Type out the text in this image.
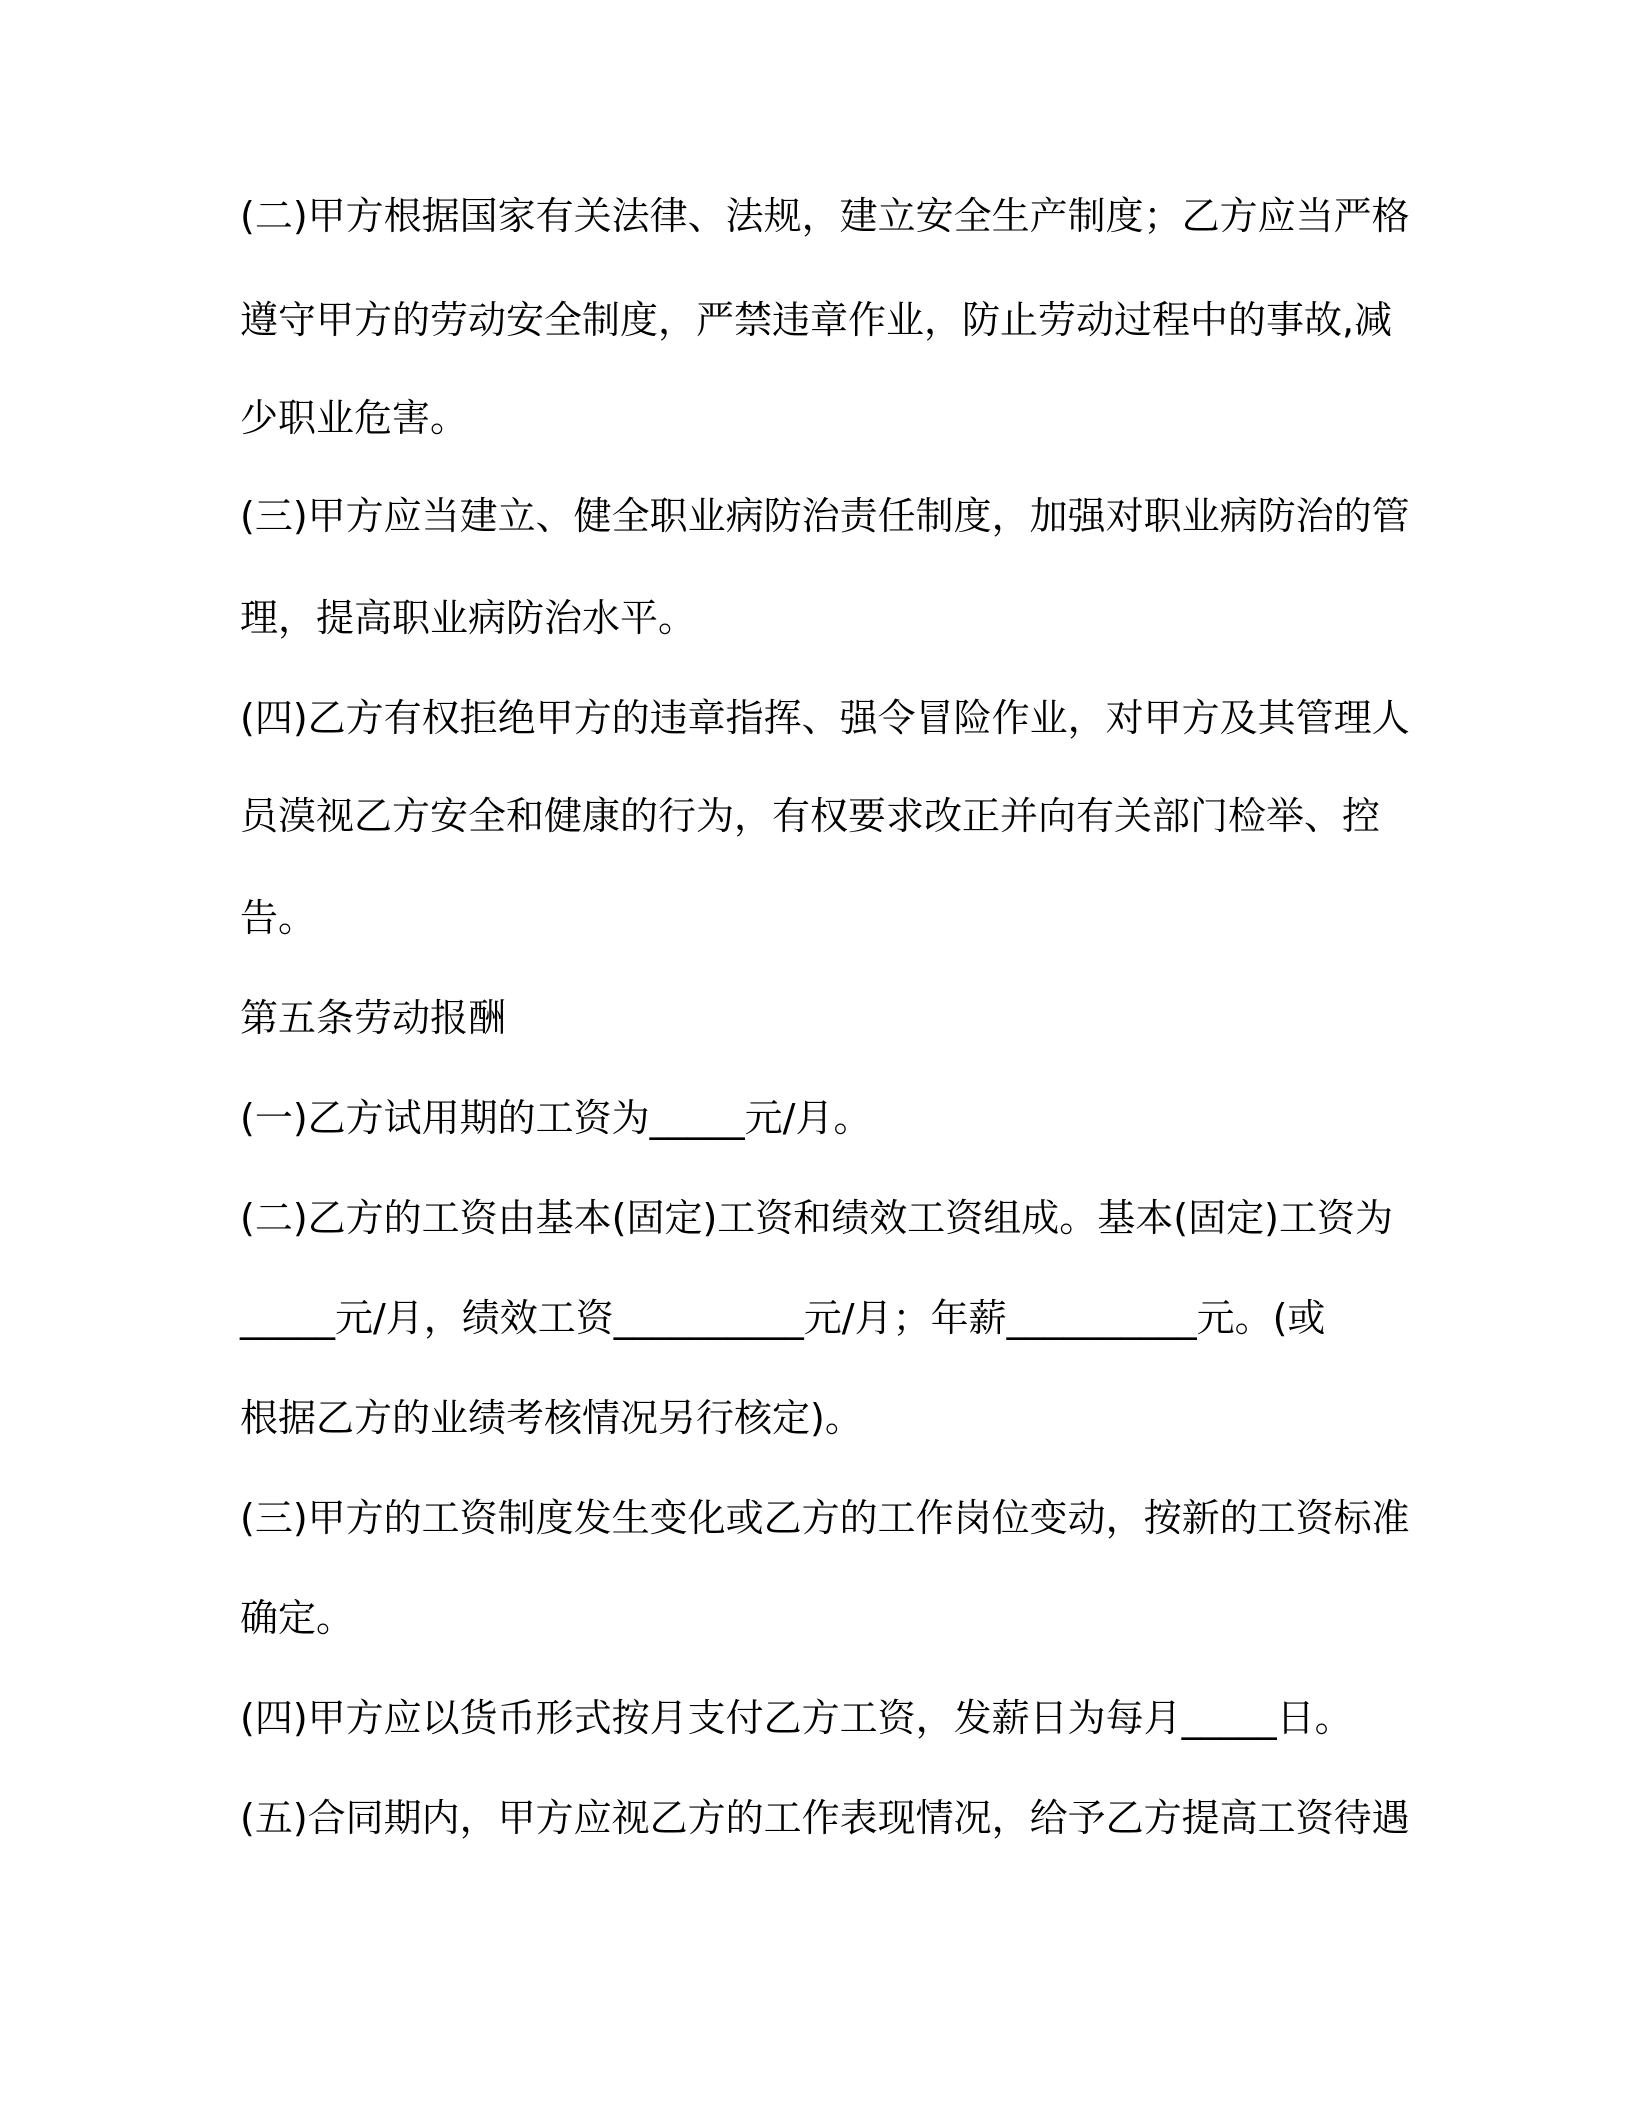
(二)甲方根据国家有关法律、法规，建立安全生产制度；乙方应当严格

遵守甲方的劳动安全制度，严禁违章作业，防止劳动过程中的事故,减

少职业危害。

(三)甲方应当建立、健全职业病防治责任制度，加强对职业病防治的管

理，提高职业病防治水平。

(四)乙方有权拒绝甲方的违章指挥、强令冒险作业，对甲方及其管理人

员漠视乙方安全和健康的行为，有权要求改正并向有关部门检举、控

告。

第五条劳动报酬

(一)乙方试用期的工资为_____元/月。

(二)乙方的工资由基本(固定)工资和绩效工资组成。基本(固定)工资为

_____元/月，绩效工资__________元/月；年薪__________元。(或

根据乙方的业绩考核情况另行核定)。

(三)甲方的工资制度发生变化或乙方的工作岗位变动，按新的工资标准

确定。

(四)甲方应以货币形式按月支付乙方工资，发薪日为每月_____日。

(五)合同期内，甲方应视乙方的工作表现情况，给予乙方提高工资待遇
